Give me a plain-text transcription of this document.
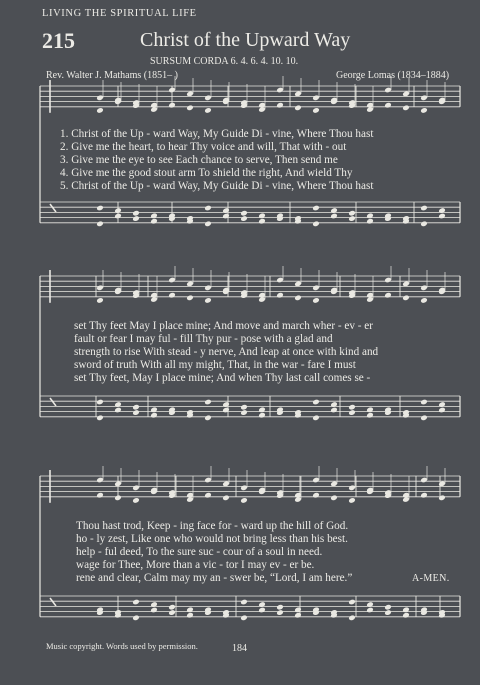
LIVING THE SPIRITUAL LIFE
215	Christ of the Upward Way
SURSUM CORDA 6. 4. 6. 4. 10. 10.
Rev. Walter J. Mathams (1851– )	George Lomas (1834–1884)
1. Christ of the Up - ward Way, My Guide Di - vine, Where Thou hast
2. Give me the heart, to hear Thy voice and will, That with - out
3. Give me the eye to see Each chance to serve, Then send me
4. Give me the good stout arm To shield the right, And wield Thy
5. Christ of the Up - ward Way, My Guide Di - vine, Where Thou hast
set Thy feet May I place mine; And move and march wher - ev - er
fault or fear I may ful - fill Thy pur - pose with a glad and
strength to rise With stead - y nerve, And leap at once with kind and
sword of truth With all my might, That, in the war - fare I must
set Thy feet, May I place mine; And when Thy last call comes se -
Thou hast trod, Keep - ing face for - ward up the hill of God.
ho - ly zest, Like one who would not bring less than his best.
help - ful deed, To the sure suc - cour of a soul in need.
wage for Thee, More than a vic - tor I may ev - er be.
rene and clear, Calm may my an - swer be, “Lord, I am here.”	A-MEN.
Music copyright. Words used by permission.	184
